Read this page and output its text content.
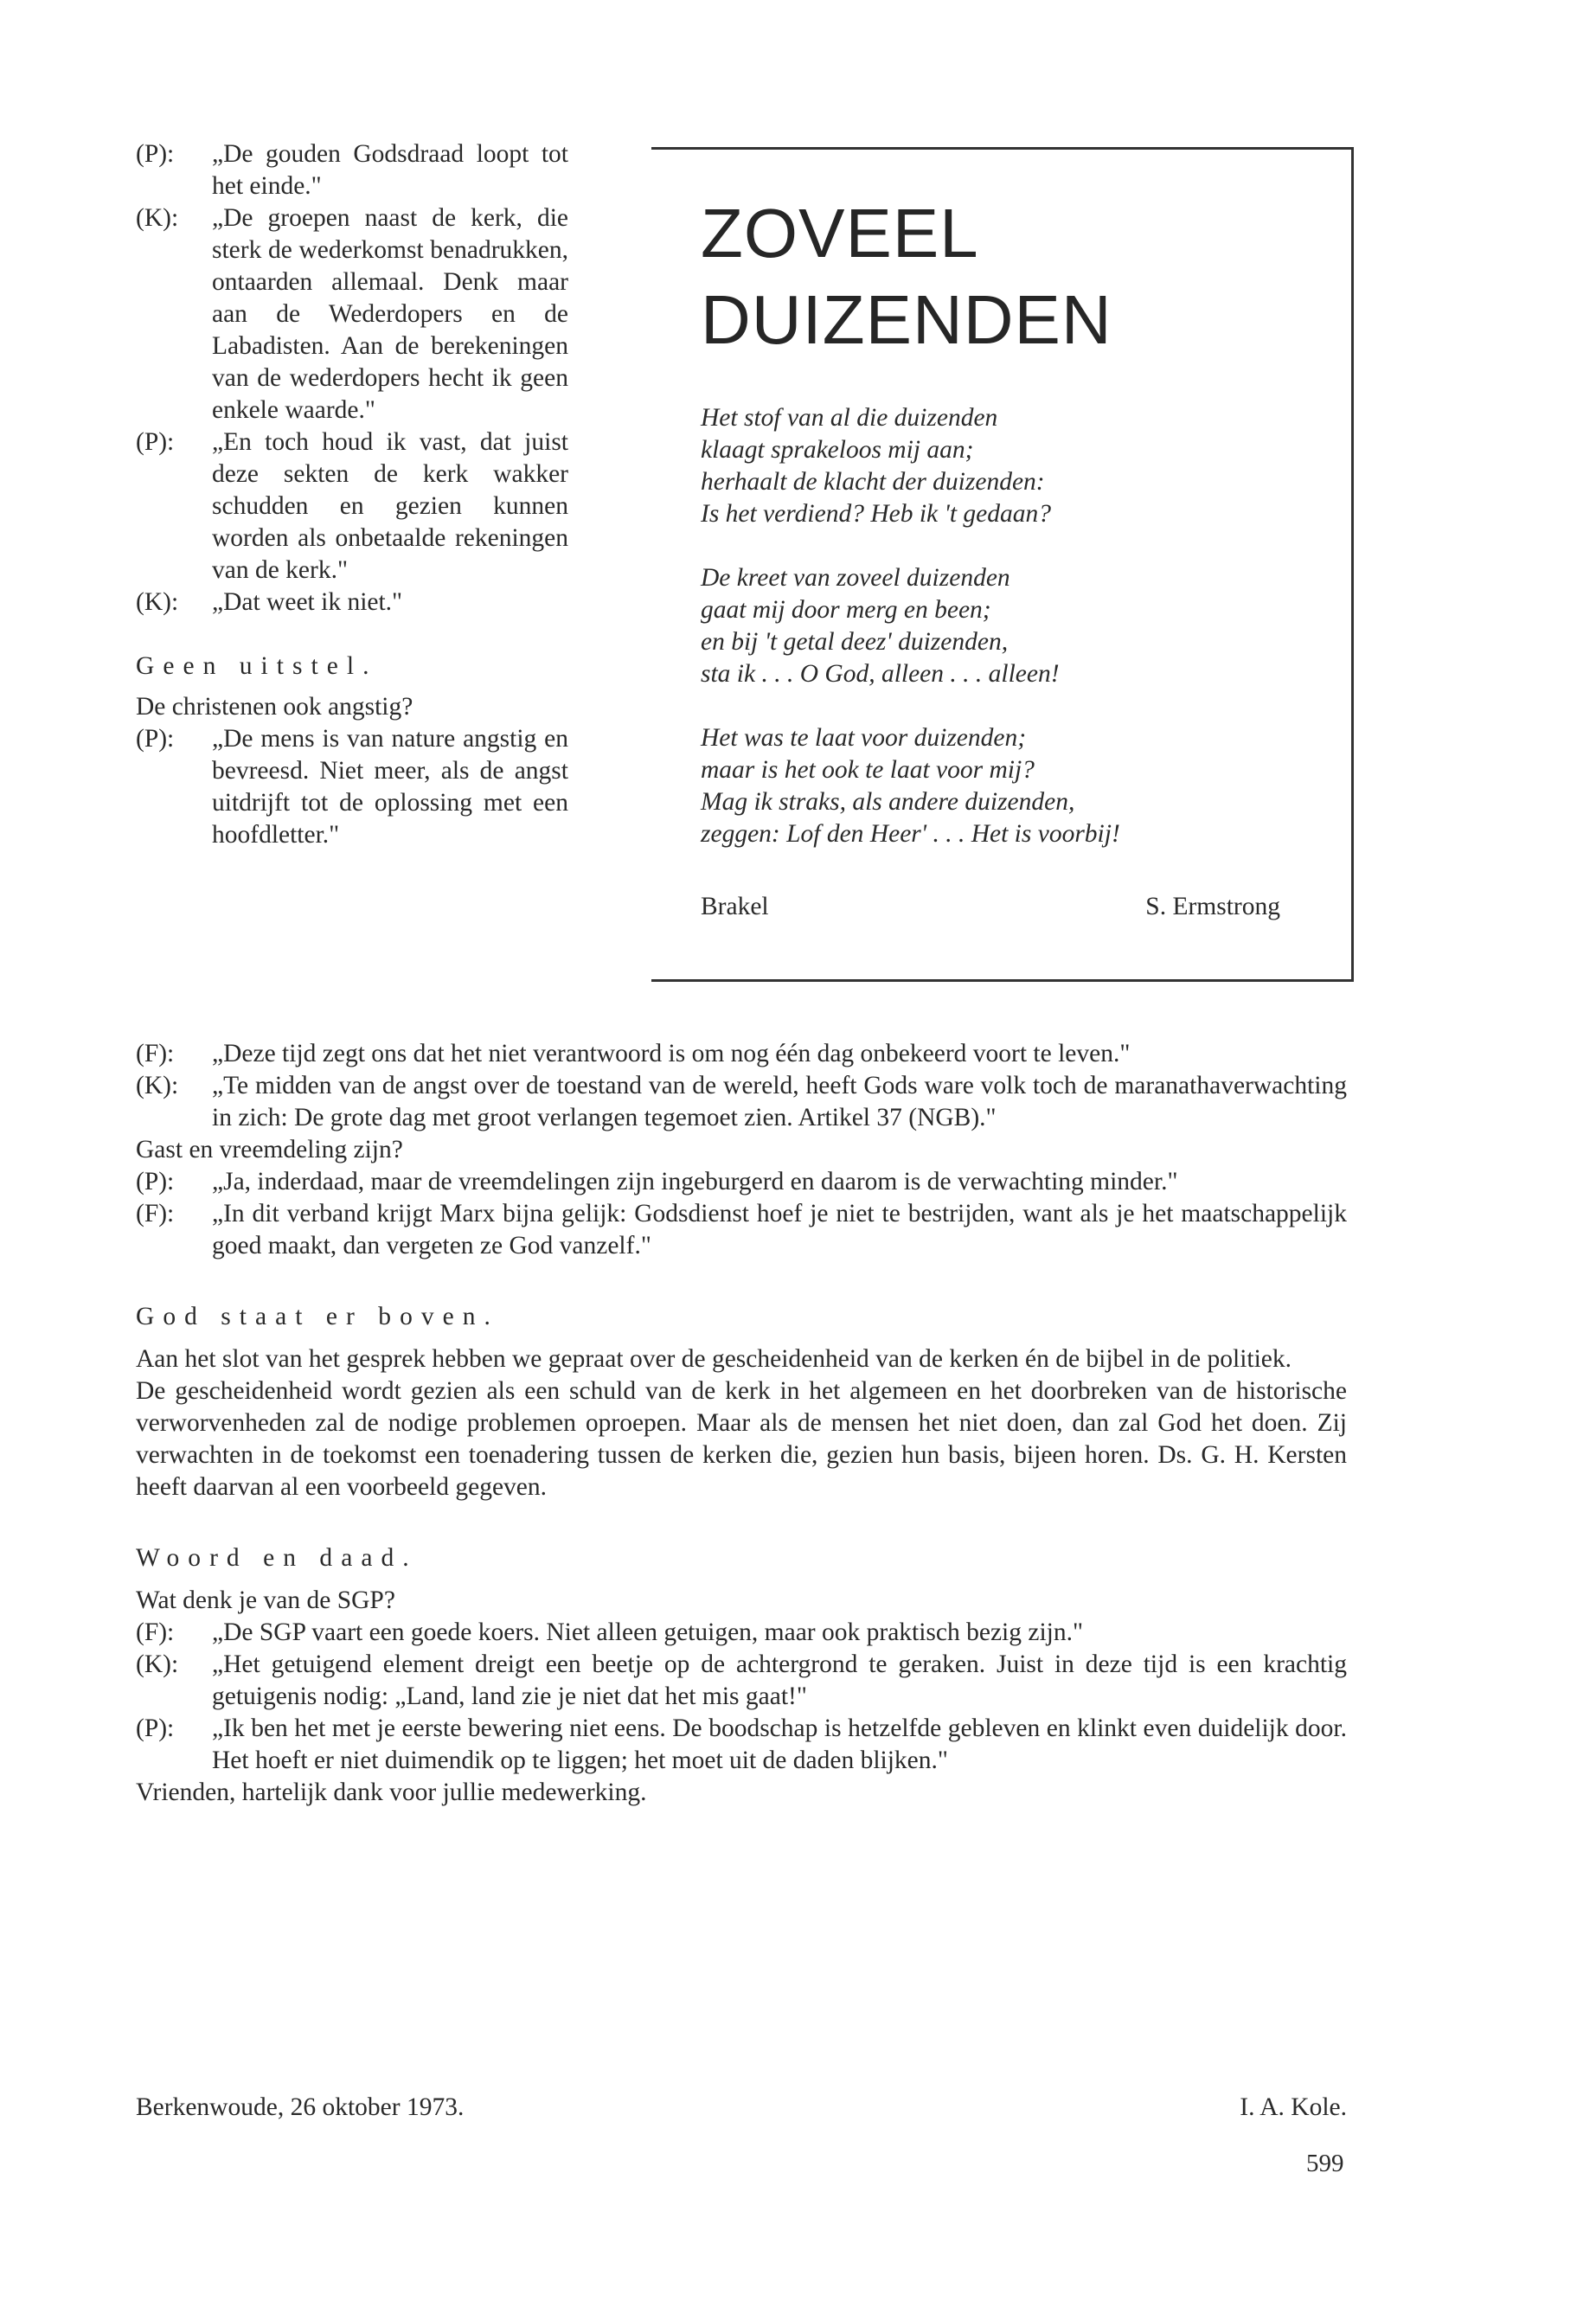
(P):	„De gouden Godsdraad loopt tot het einde."
(K):	„De groepen naast de kerk, die sterk de wederkomst benadrukken, ontaarden allemaal. Denk maar aan de Wederdopers en de Labadisten. Aan de berekeningen van de wederdopers hecht ik geen enkele waarde."
(P):	„En toch houd ik vast, dat juist deze sekten de kerk wakker schudden en gezien kunnen worden als onbetaalde rekeningen van de kerk."
(K):	„Dat weet ik niet."
Geen uitstel.
De christenen ook angstig?
(P):	„De mens is van nature angstig en bevreesd. Niet meer, als de angst uitdrijft tot de oplossing met een hoofdletter."
(F):	„Deze tijd zegt ons dat het niet verantwoord is om nog één dag onbekeerd voort te leven."
(K):	„Te midden van de angst over de toestand van de wereld, heeft Gods ware volk toch de maranathaverwachting in zich: De grote dag met groot verlangen tegemoet zien. Artikel 37 (NGB)."
Gast en vreemdeling zijn?
(P):	„Ja, inderdaad, maar de vreemdelingen zijn ingeburgerd en daarom is de verwachting minder."
(F):	„In dit verband krijgt Marx bijna gelijk: Godsdienst hoef je niet te bestrijden, want als je het maatschappelijk goed maakt, dan vergeten ze God vanzelf."
God staat er boven.
Aan het slot van het gesprek hebben we gepraat over de gescheidenheid van de kerken én de bijbel in de politiek.
De gescheidenheid wordt gezien als een schuld van de kerk in het algemeen en het doorbreken van de historische verworvenheden zal de nodige problemen oproepen. Maar als de mensen het niet doen, dan zal God het doen. Zij verwachten in de toekomst een toenadering tussen de kerken die, gezien hun basis, bijeen horen. Ds. G. H. Kersten heeft daarvan al een voorbeeld gegeven.
Woord en daad.
Wat denk je van de SGP?
(F):	„De SGP vaart een goede koers. Niet alleen getuigen, maar ook praktisch bezig zijn."
(K):	„Het getuigend element dreigt een beetje op de achtergrond te geraken. Juist in deze tijd is een krachtig getuigenis nodig: „Land, land zie je niet dat het mis gaat!"
(P):	„Ik ben het met je eerste bewering niet eens. De boodschap is hetzelfde gebleven en klinkt even duidelijk door. Het hoeft er niet duimendik op te liggen; het moet uit de daden blijken."
Vrienden, hartelijk dank voor jullie medewerking.
ZOVEEL
DUIZENDEN
Het stof van al die duizenden
klaagt sprakeloos mij aan;
herhaalt de klacht der duizenden:
Is het verdiend? Heb ik 't gedaan?
De kreet van zoveel duizenden
gaat mij door merg en been;
en bij 't getal deez' duizenden,
sta ik . . . O God, alleen . . . alleen!
Het was te laat voor duizenden;
maar is het ook te laat voor mij?
Mag ik straks, als andere duizenden,
zeggen: Lof den Heer' . . . Het is voorbij!
Brakel	S. Ermstrong
Berkenwoude, 26 oktober 1973.	I. A. Kole.
599
